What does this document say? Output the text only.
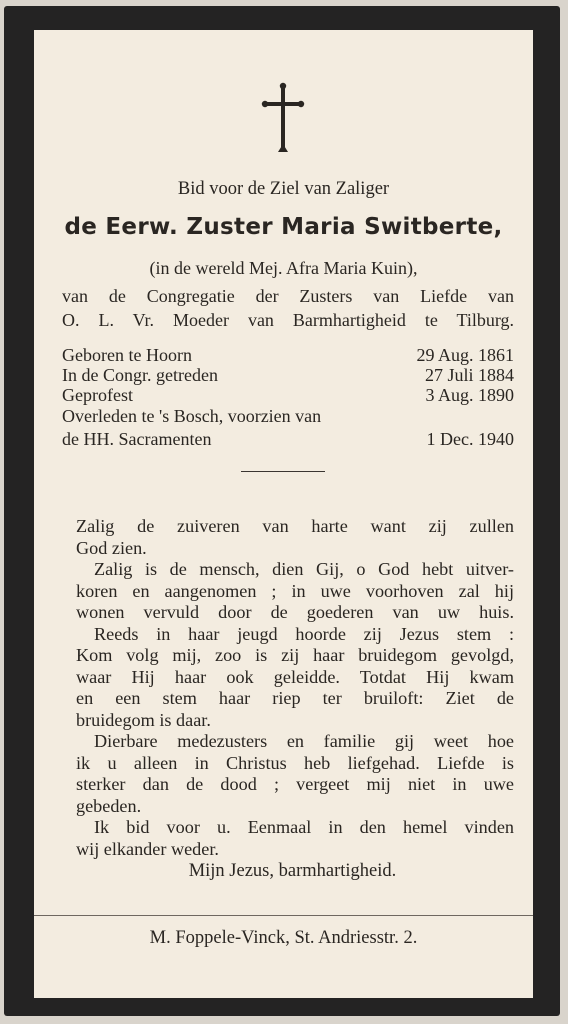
Bid voor de Ziel van Zaliger
de Eerw. Zuster Maria Switberte,
(in de wereld Mej. Afra Maria Kuin),
van de Congregatie der Zusters van Liefde van
O. L. Vr. Moeder van Barmhartigheid te Tilburg.
Geboren te Hoorn	29 Aug. 1861
In de Congr. getreden	27 Juli 1884
Geprofest	3 Aug. 1890
Overleden te 's Bosch, voorzien van
de HH. Sacramenten	1 Dec. 1940
Zalig de zuiveren van harte want zij zullen
God zien.
Zalig is de mensch, dien Gij, o God hebt uitver-
koren en aangenomen ; in uwe voorhoven zal hij
wonen vervuld door de goederen van uw huis.
Reeds in haar jeugd hoorde zij Jezus stem :
Kom volg mij, zoo is zij haar bruidegom gevolgd,
waar Hij haar ook geleidde. Totdat Hij kwam
en een stem haar riep ter bruiloft: Ziet de
bruidegom is daar.
Dierbare medezusters en familie gij weet hoe
ik u alleen in Christus heb liefgehad. Liefde is
sterker dan de dood ; vergeet mij niet in uwe
gebeden.
Ik bid voor u. Eenmaal in den hemel vinden
wij elkander weder.
Mijn Jezus, barmhartigheid.
M. Foppele-Vinck, St. Andriesstr. 2.
